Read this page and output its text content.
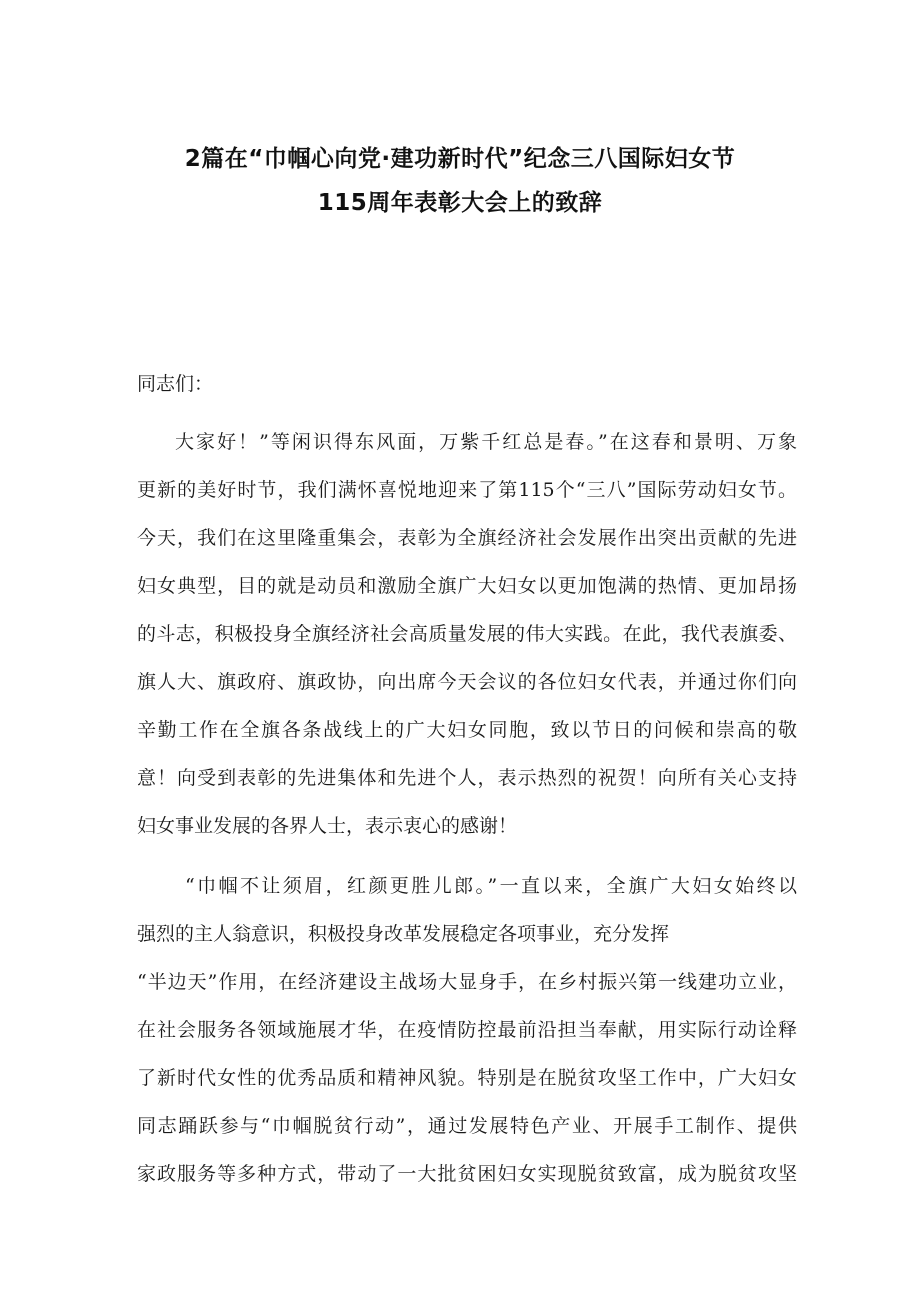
2篇在“巾帼心向党·建功新时代”纪念三八国际妇女节
115周年表彰大会上的致辞
同志们：
大家好！”等闲识得东风面，万紫千红总是春。”在这春和景明、万象
更新的美好时节，我们满怀喜悦地迎来了第115个“三八”国际劳动妇女节。
今天，我们在这里隆重集会，表彰为全旗经济社会发展作出突出贡献的先进
妇女典型，目的就是动员和激励全旗广大妇女以更加饱满的热情、更加昂扬
的斗志，积极投身全旗经济社会高质量发展的伟大实践。在此，我代表旗委、
旗人大、旗政府、旗政协，向出席今天会议的各位妇女代表，并通过你们向
辛勤工作在全旗各条战线上的广大妇女同胞，致以节日的问候和崇高的敬
意！向受到表彰的先进集体和先进个人，表示热烈的祝贺！向所有关心支持
妇女事业发展的各界人士，表示衷心的感谢！
“巾帼不让须眉，红颜更胜儿郎。”一直以来，全旗广大妇女始终以
强烈的主人翁意识，积极投身改革发展稳定各项事业，充分发挥
“半边天”作用，在经济建设主战场大显身手，在乡村振兴第一线建功立业，
在社会服务各领域施展才华，在疫情防控最前沿担当奉献，用实际行动诠释
了新时代女性的优秀品质和精神风貌。特别是在脱贫攻坚工作中，广大妇女
同志踊跃参与“巾帼脱贫行动”，通过发展特色产业、开展手工制作、提供
家政服务等多种方式，带动了一大批贫困妇女实现脱贫致富，成为脱贫攻坚
